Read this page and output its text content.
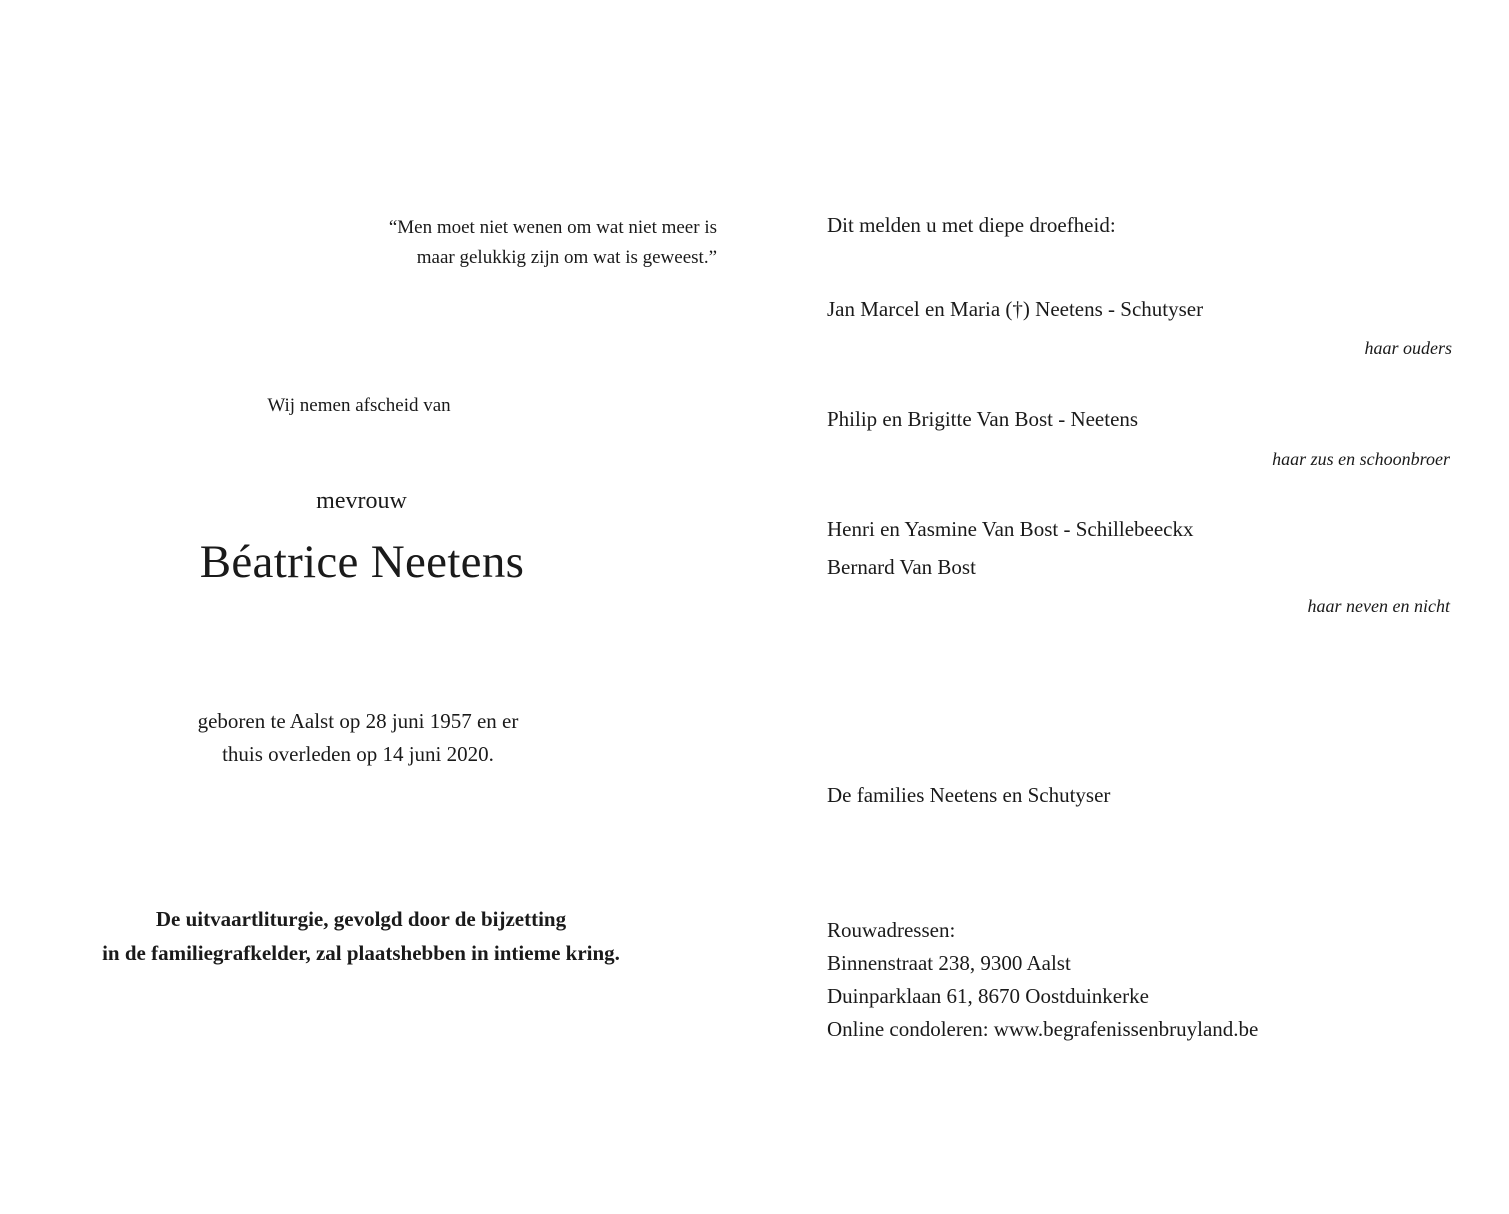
“Men moet niet wenen om wat niet meer is
maar gelukkig zijn om wat is geweest.”
Wij nemen afscheid van
mevrouw
Béatrice Neetens
geboren te Aalst op 28 juni 1957 en er
thuis overleden op 14 juni 2020.
De uitvaartliturgie, gevolgd door de bijzetting
in de familiegrafkelder, zal plaatshebben in intieme kring.
Dit melden u met diepe droefheid:
Jan Marcel en Maria (†) Neetens - Schutyser
haar ouders
Philip en Brigitte Van Bost - Neetens
haar zus en schoonbroer
Henri en Yasmine Van Bost - Schillebeeckx
Bernard Van Bost
haar neven en nicht
De families Neetens en Schutyser
Rouwadressen:
Binnenstraat 238, 9300 Aalst
Duinparklaan 61, 8670 Oostduinkerke
Online condoleren: www.begrafenissenbruyland.be
